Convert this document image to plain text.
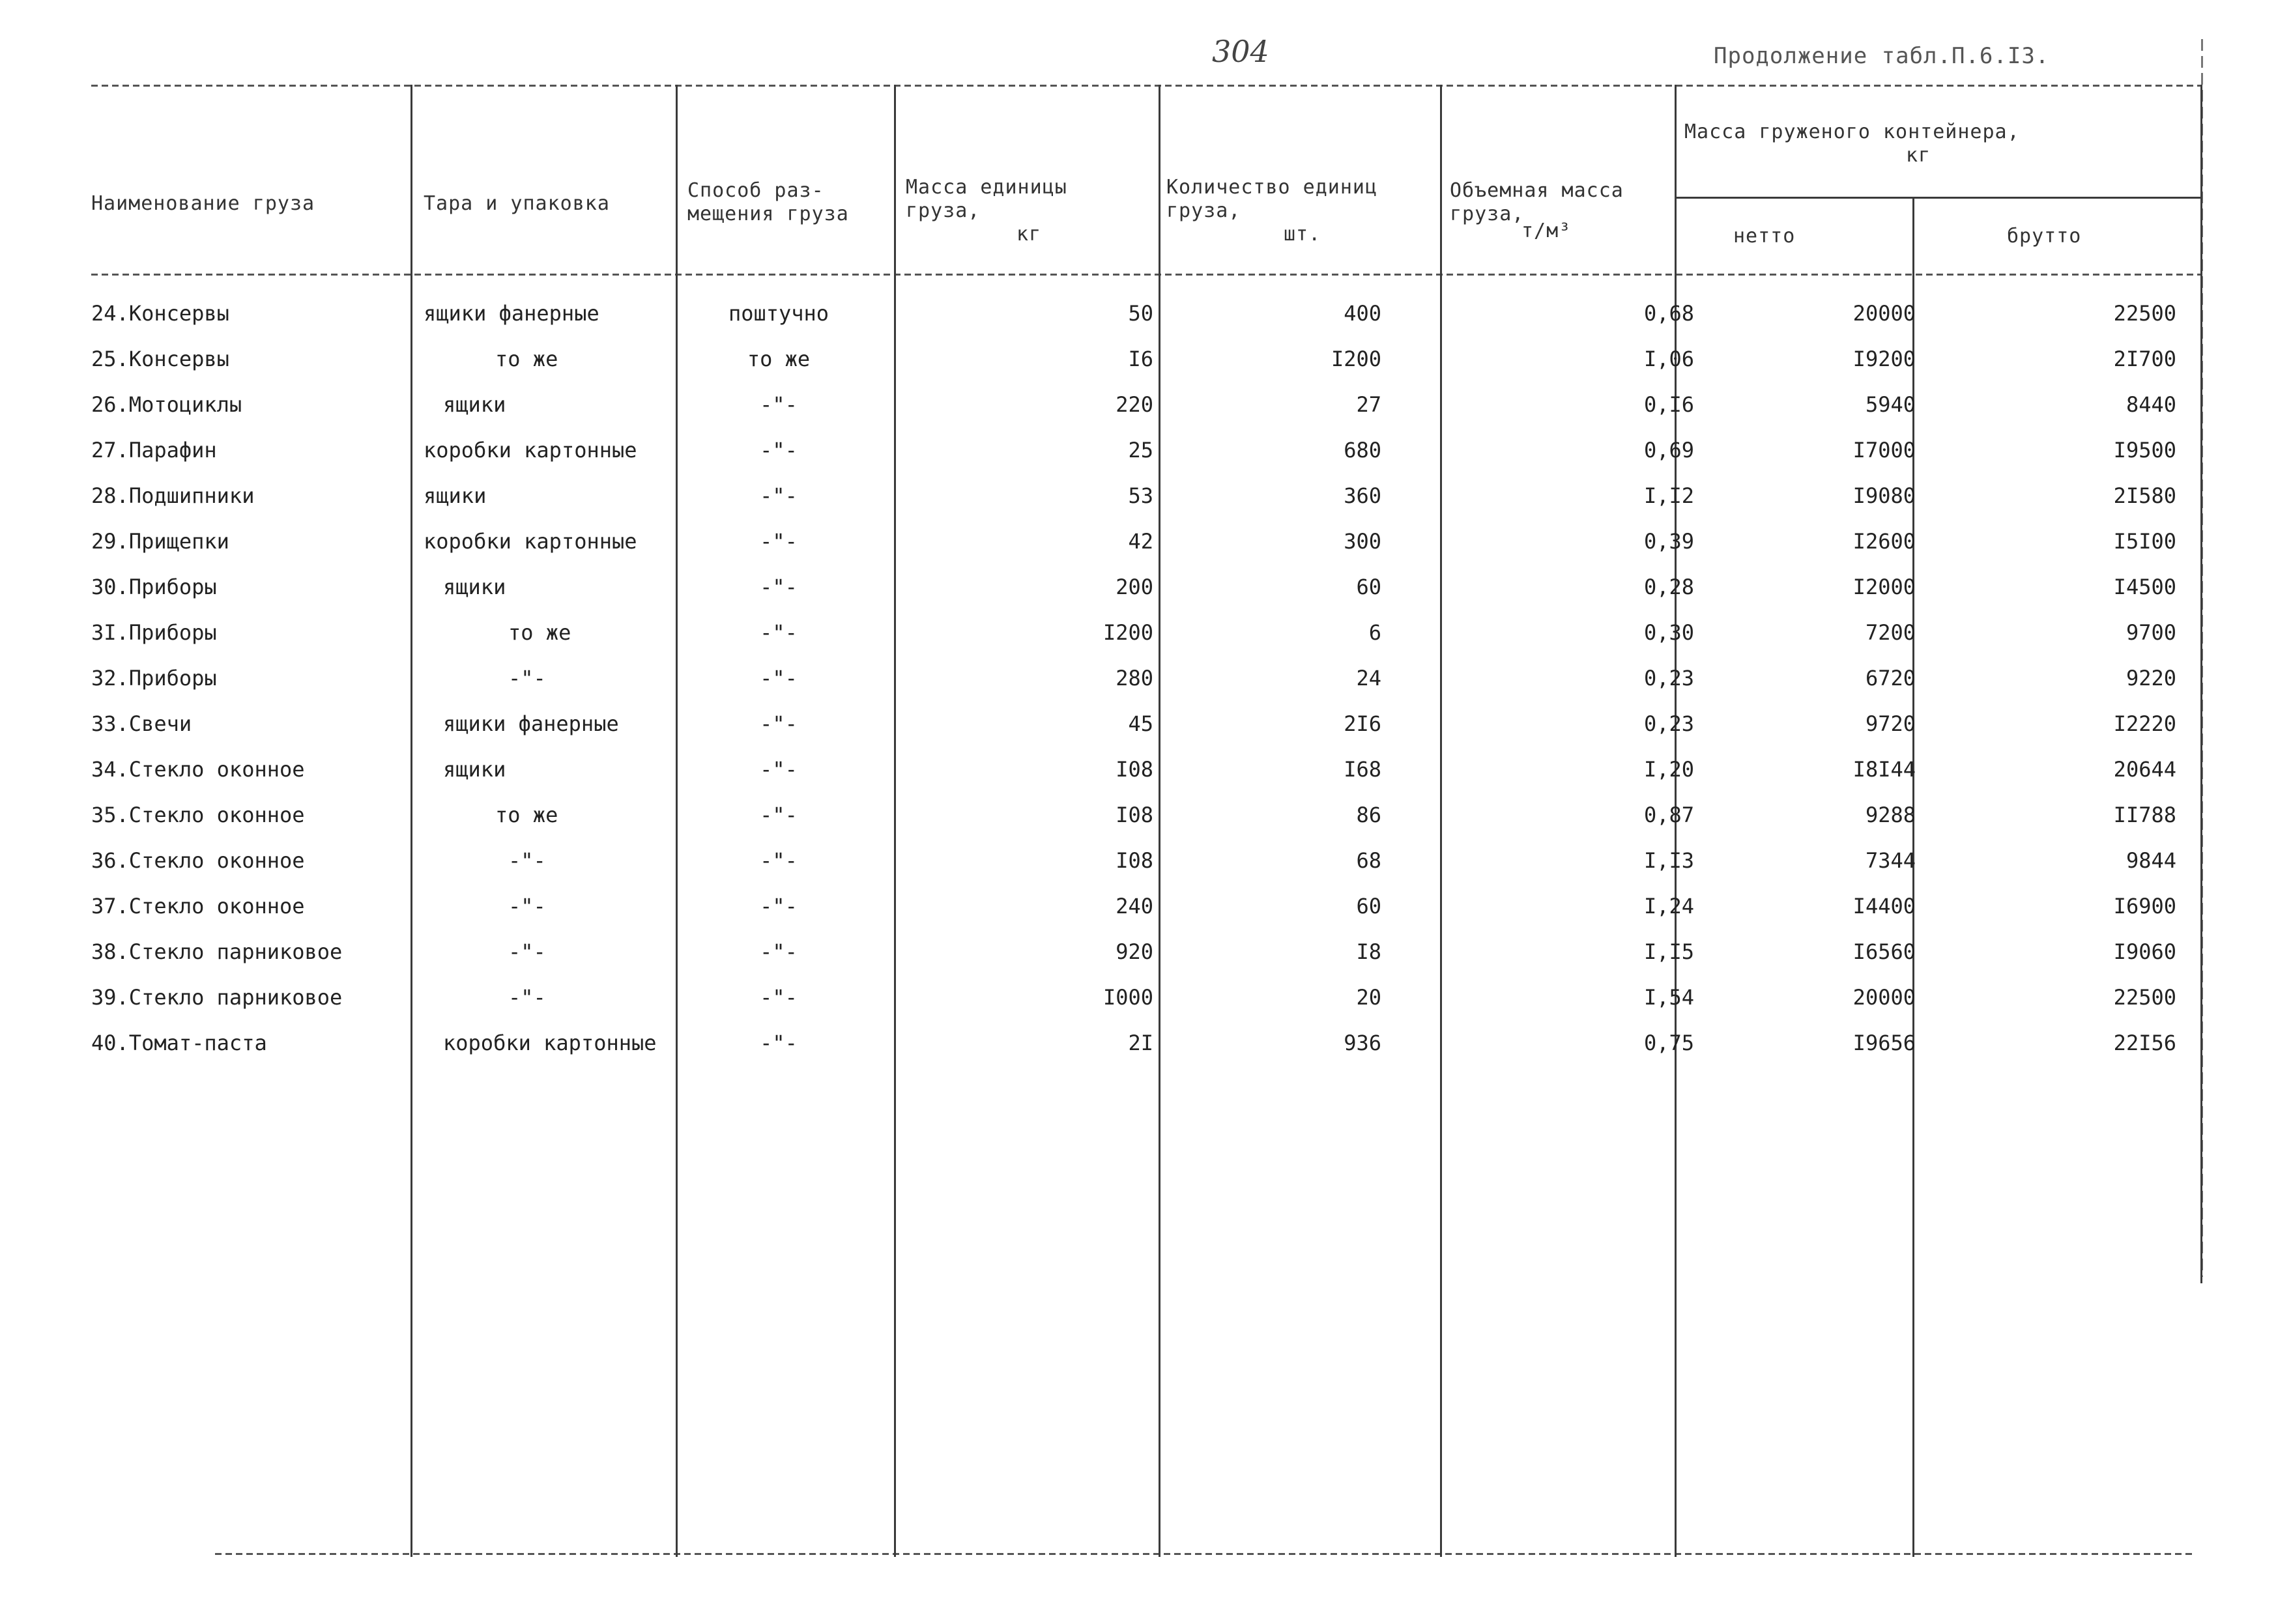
304	Продолжение табл.П.6.I3.
Наименование груза	Тара и упаковка
Способ раз-
мещения груза
Масса единицы
груза,
кг
Количество единиц
груза,
шт.
Объемная масса
груза,
т/м³
Масса груженого контейнера,
кг
нетто	брутто
24.Консервы	ящики фанерные	поштучно	50	400	0,68	20000	22500
25.Консервы	то же	то же	I6	I200	I,06	I9200	2I700
26.Мотоциклы	ящики	-"-	220	27	0,I6	5940	8440
27.Парафин	коробки картонные	-"-	25	680	0,69	I7000	I9500
28.Подшипники	ящики	-"-	53	360	I,I2	I9080	2I580
29.Прищепки	коробки картонные	-"-	42	300	0,39	I2600	I5I00
30.Приборы	ящики	-"-	200	60	0,28	I2000	I4500
3I.Приборы	то же	-"-	I200	6	0,30	7200	9700
32.Приборы	-"-	-"-	280	24	0,23	6720	9220
33.Свечи	ящики фанерные	-"-	45	2I6	0,23	9720	I2220
34.Стекло оконное	ящики	-"-	I08	I68	I,20	I8I44	20644
35.Стекло оконное	то же	-"-	I08	86	0,87	9288	II788
36.Стекло оконное	-"-	-"-	I08	68	I,I3	7344	9844
37.Стекло оконное	-"-	-"-	240	60	I,24	I4400	I6900
38.Стекло парниковое	-"-	-"-	920	I8	I,I5	I6560	I9060
39.Стекло парниковое	-"-	-"-	I000	20	I,54	20000	22500
40.Томат-паста	коробки картонные	-"-	2I	936	0,75	I9656	22I56
